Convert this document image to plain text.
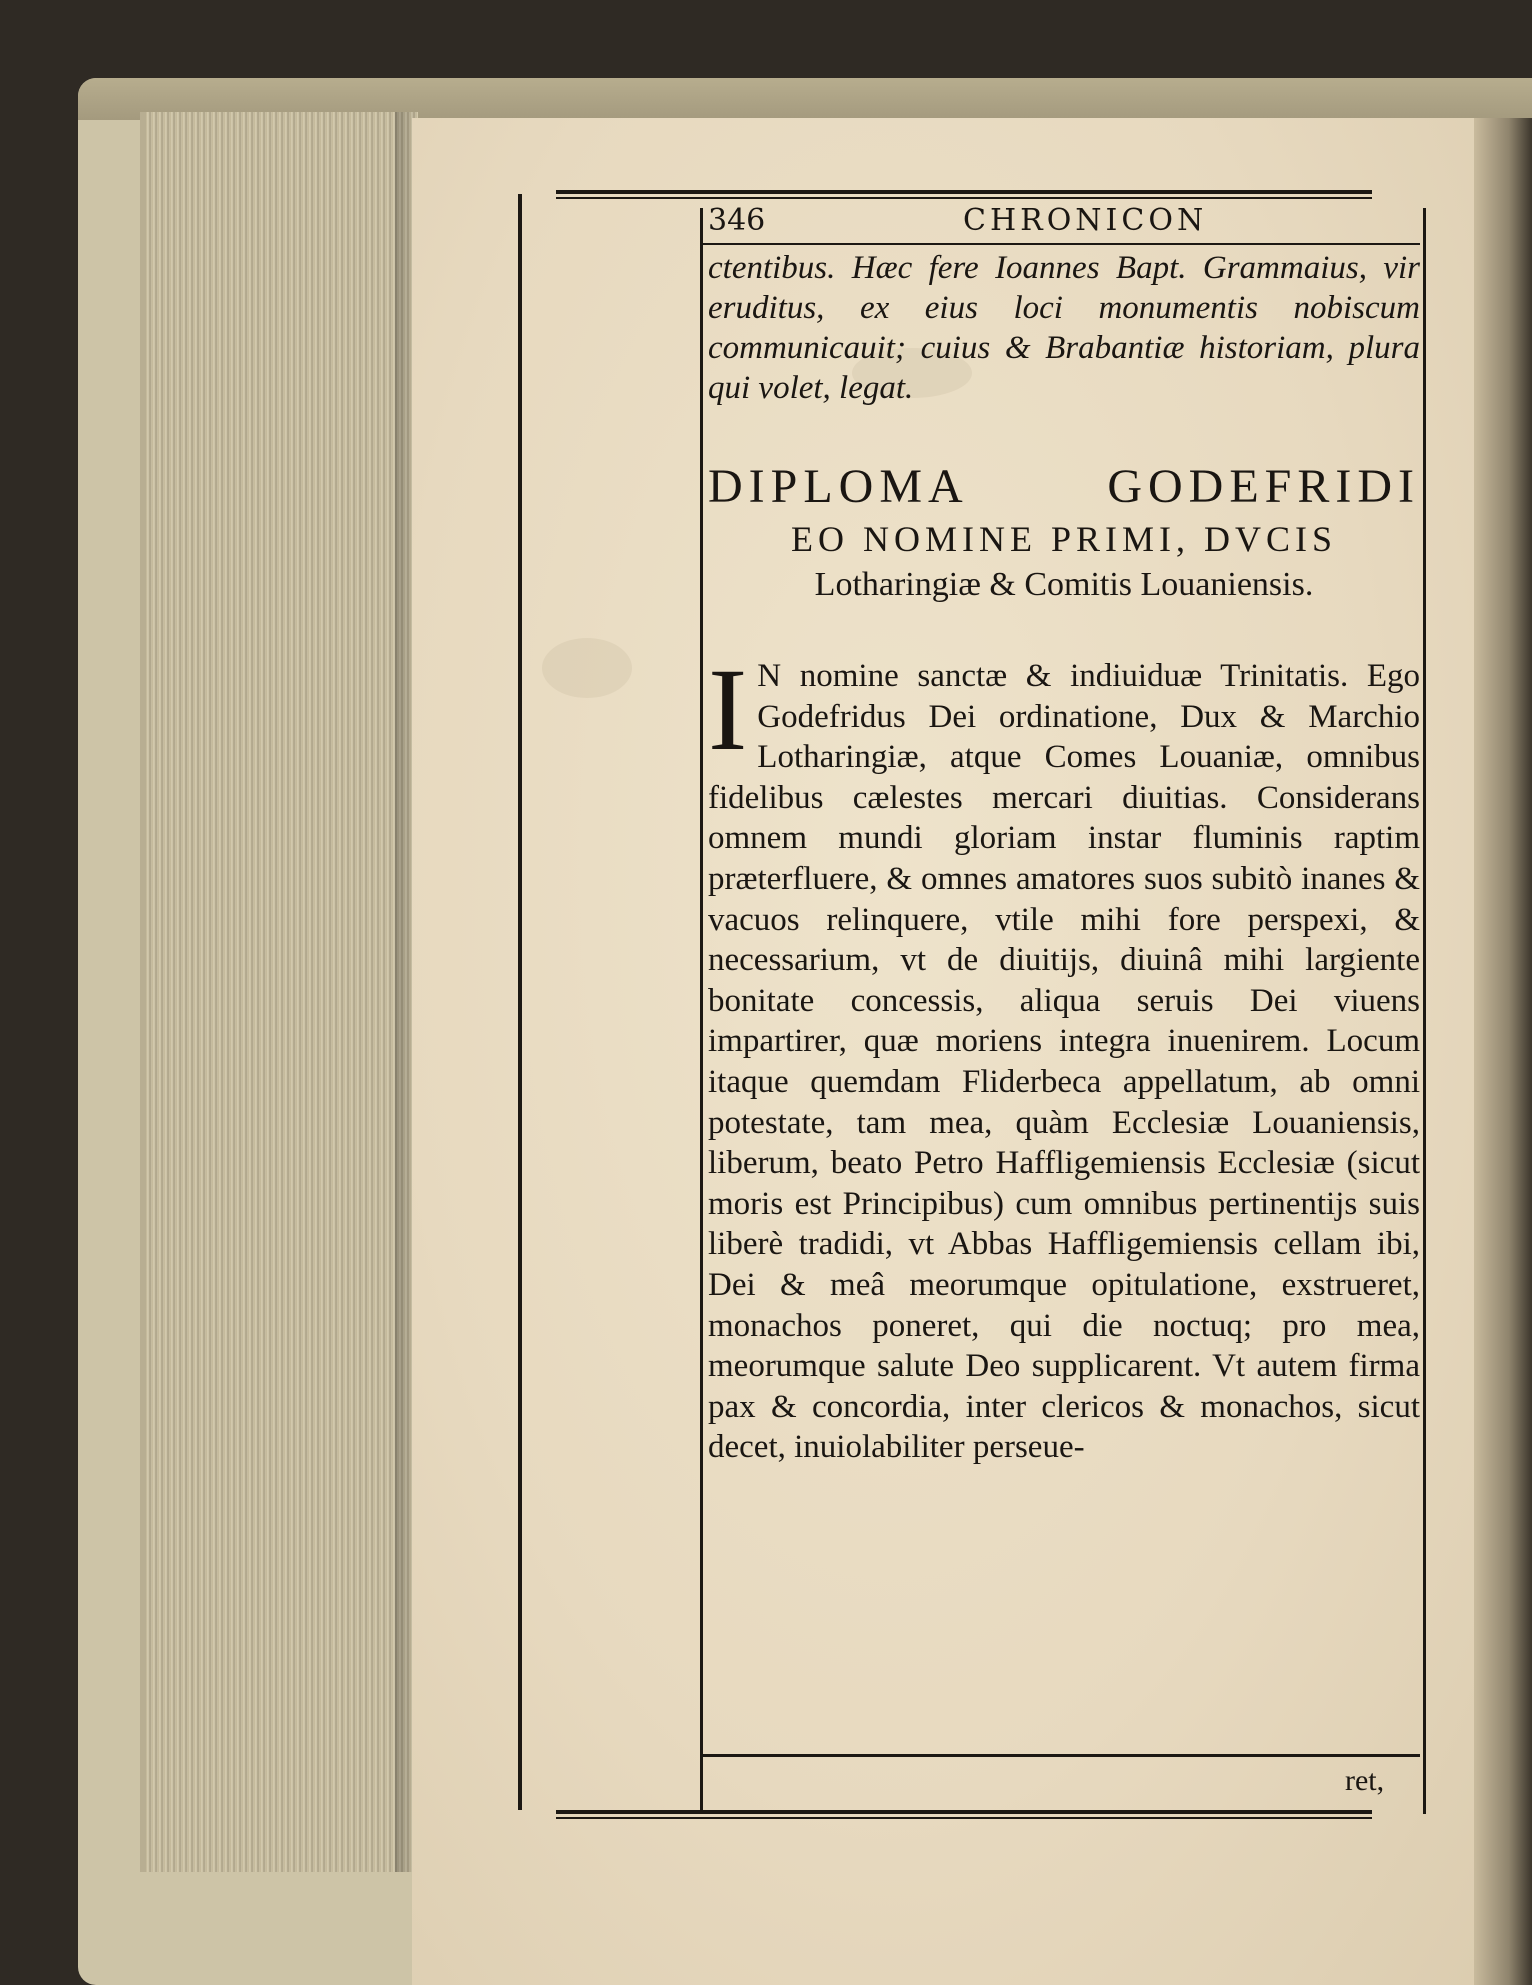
346	CHRONICON

ctentibus. Hæc fere Ioannes Bapt. Grammaius, vir eruditus, ex eius loci monumentis nobiscum communicauit; cuius & Brabantiæ historiam, plura qui volet, legat.

DIPLOMA	GODEFRIDI
EO NOMINE PRIMI, DVCIS
Lotharingiæ & Comitis Louaniensis.
I N nomine sanctæ & indiuiduæ Trinitatis. Ego Godefridus Dei ordinatione, Dux & Marchio Lotharingiæ, atque Comes Louaniæ, omnibus fidelibus cælestes mercari diuitias. Considerans omnem mundi gloriam instar fluminis raptim præterfluere, & omnes amatores suos subitò inanes & vacuos relinquere, vtile mihi fore perspexi, & necessarium, vt de diuitijs, diuinâ mihi largiente bonitate concessis, aliqua seruis Dei viuens impartirer, quæ moriens integra inuenirem. Locum itaque quemdam Fliderbeca appellatum, ab omni potestate, tam mea, quàm Ecclesiæ Louaniensis, liberum, beato Petro Haffligemiensis Ecclesiæ (sicut moris est Principibus) cum omnibus pertinentijs suis liberè tradidi, vt Abbas Haffligemiensis cellam ibi, Dei & meâ meorumque opitulatione, exstrueret, monachos poneret, qui die noctuq; pro mea, meorumque salute Deo supplicarent. Vt autem firma pax & concordia, inter clericos & monachos, sicut decet, inuiolabiliter perseue-
ret,
